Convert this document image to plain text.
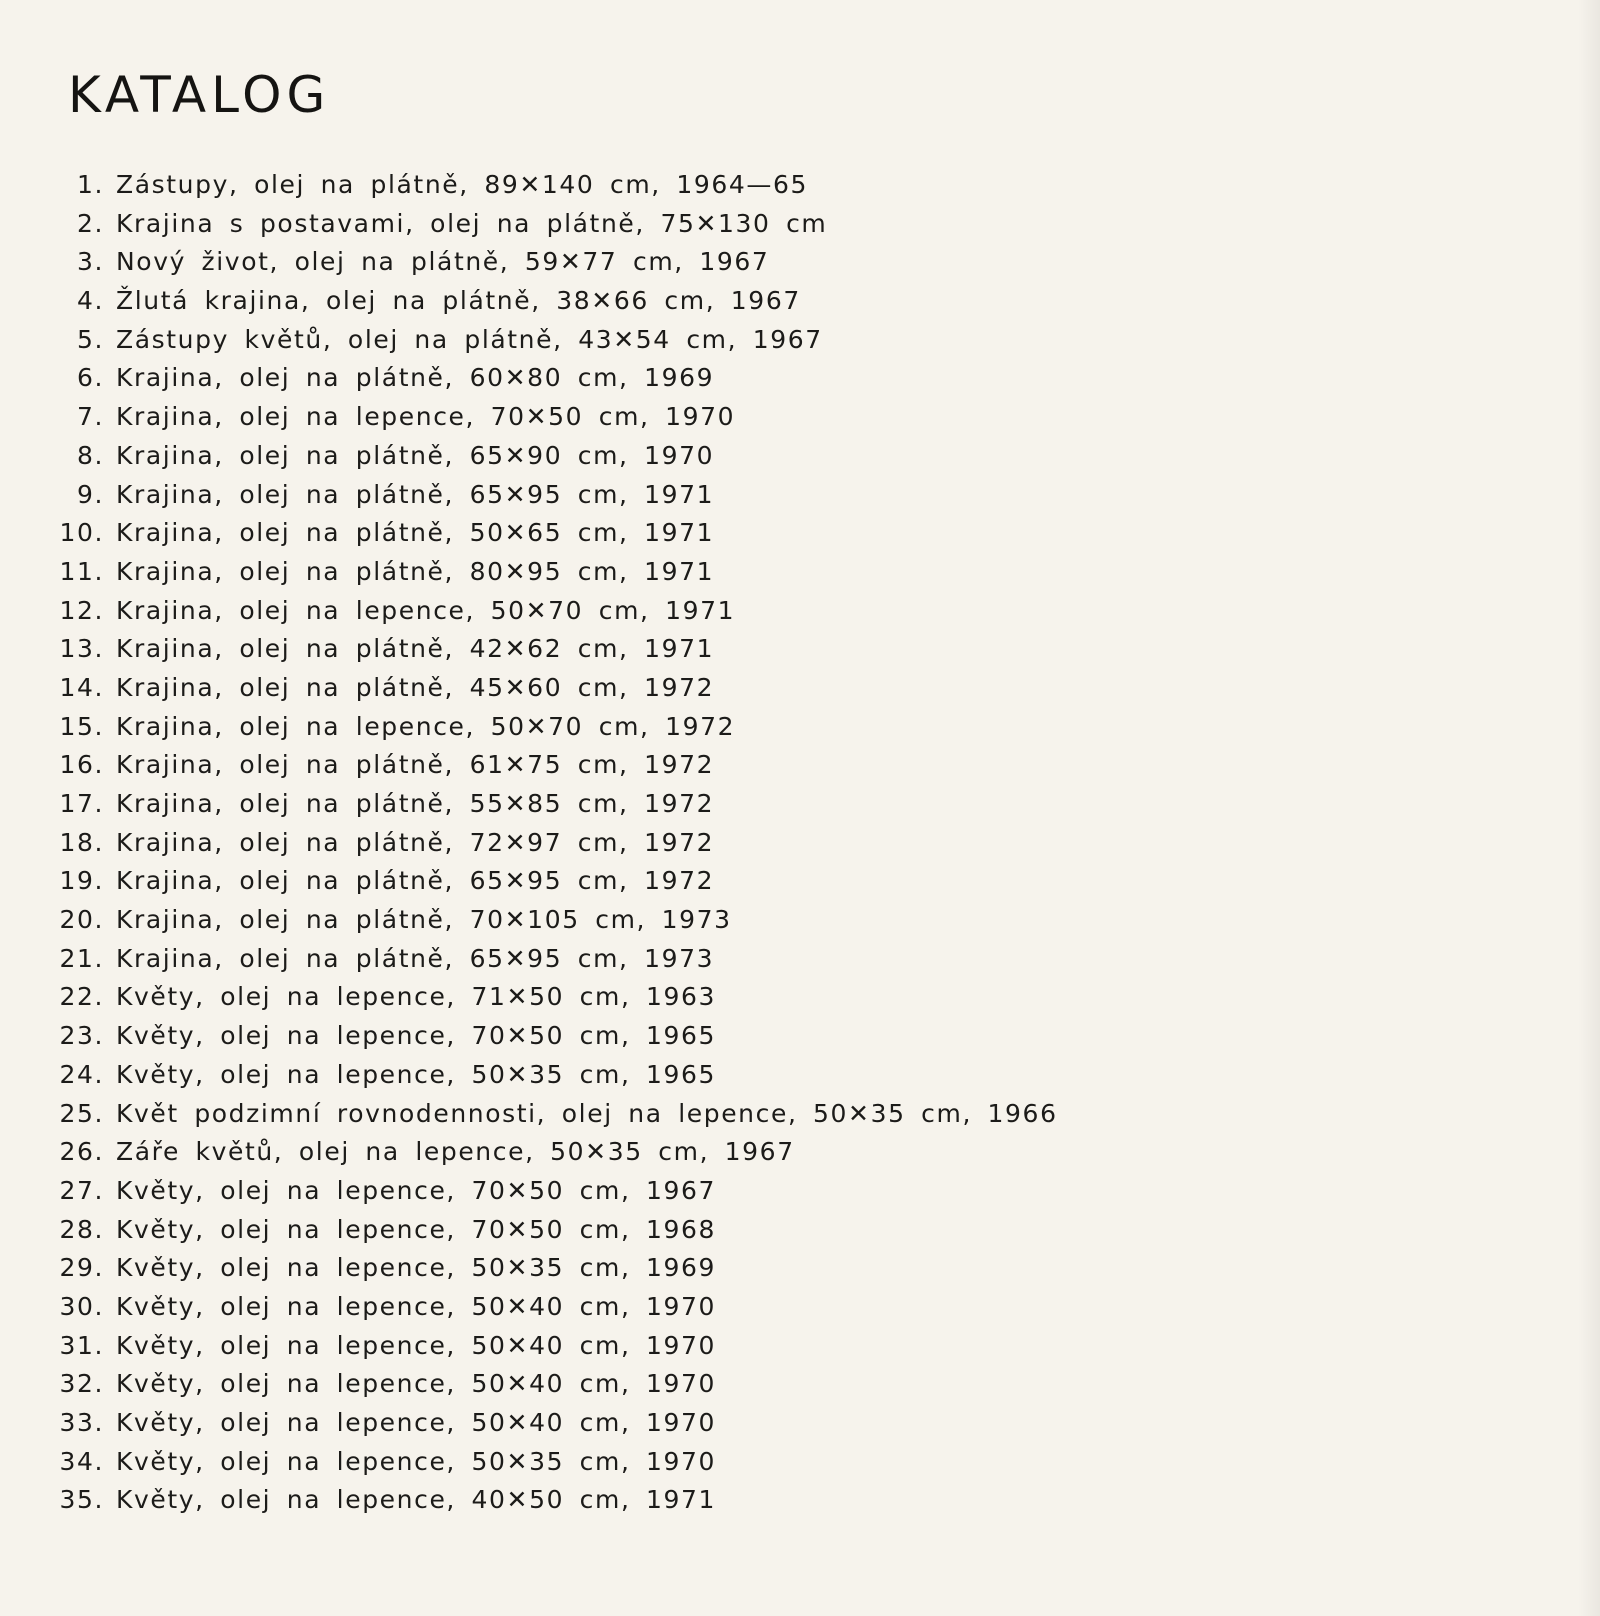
KATALOG
1. Zástupy, olej na plátně, 89✕140 cm, 1964—65
2. Krajina s postavami, olej na plátně, 75✕130 cm
3. Nový život, olej na plátně, 59✕77 cm, 1967
4. Žlutá krajina, olej na plátně, 38✕66 cm, 1967
5. Zástupy květů, olej na plátně, 43✕54 cm, 1967
6. Krajina, olej na plátně, 60✕80 cm, 1969
7. Krajina, olej na lepence, 70✕50 cm, 1970
8. Krajina, olej na plátně, 65✕90 cm, 1970
9. Krajina, olej na plátně, 65✕95 cm, 1971
10. Krajina, olej na plátně, 50✕65 cm, 1971
11. Krajina, olej na plátně, 80✕95 cm, 1971
12. Krajina, olej na lepence, 50✕70 cm, 1971
13. Krajina, olej na plátně, 42✕62 cm, 1971
14. Krajina, olej na plátně, 45✕60 cm, 1972
15. Krajina, olej na lepence, 50✕70 cm, 1972
16. Krajina, olej na plátně, 61✕75 cm, 1972
17. Krajina, olej na plátně, 55✕85 cm, 1972
18. Krajina, olej na plátně, 72✕97 cm, 1972
19. Krajina, olej na plátně, 65✕95 cm, 1972
20. Krajina, olej na plátně, 70✕105 cm, 1973
21. Krajina, olej na plátně, 65✕95 cm, 1973
22. Květy, olej na lepence, 71✕50 cm, 1963
23. Květy, olej na lepence, 70✕50 cm, 1965
24. Květy, olej na lepence, 50✕35 cm, 1965
25. Květ podzimní rovnodennosti, olej na lepence, 50✕35 cm, 1966
26. Záře květů, olej na lepence, 50✕35 cm, 1967
27. Květy, olej na lepence, 70✕50 cm, 1967
28. Květy, olej na lepence, 70✕50 cm, 1968
29. Květy, olej na lepence, 50✕35 cm, 1969
30. Květy, olej na lepence, 50✕40 cm, 1970
31. Květy, olej na lepence, 50✕40 cm, 1970
32. Květy, olej na lepence, 50✕40 cm, 1970
33. Květy, olej na lepence, 50✕40 cm, 1970
34. Květy, olej na lepence, 50✕35 cm, 1970
35. Květy, olej na lepence, 40✕50 cm, 1971
